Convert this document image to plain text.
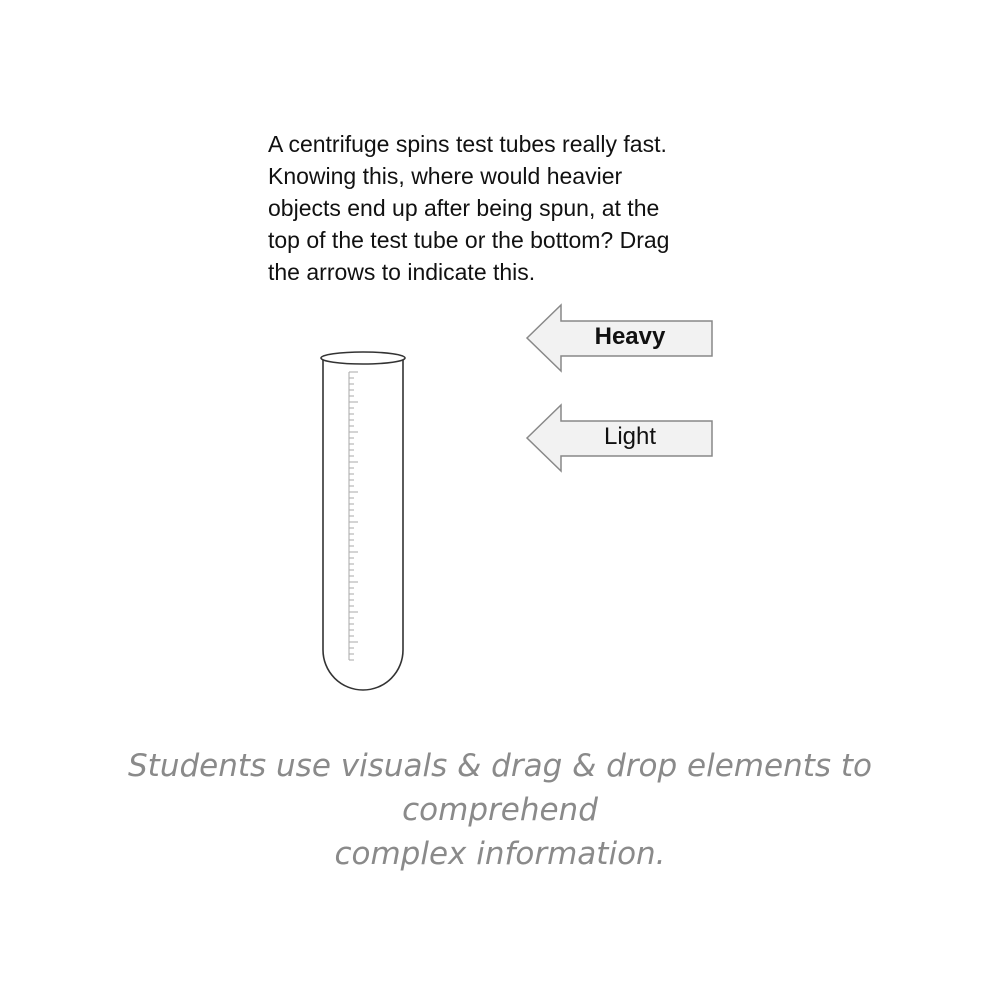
A centrifuge spins test tubes really fast.
Knowing this, where would heavier
objects end up after being spun, at the
top of the test tube or the bottom? Drag
the arrows to indicate this.
Heavy
Light
Students use visuals & drag & drop elements to comprehend
complex information.
